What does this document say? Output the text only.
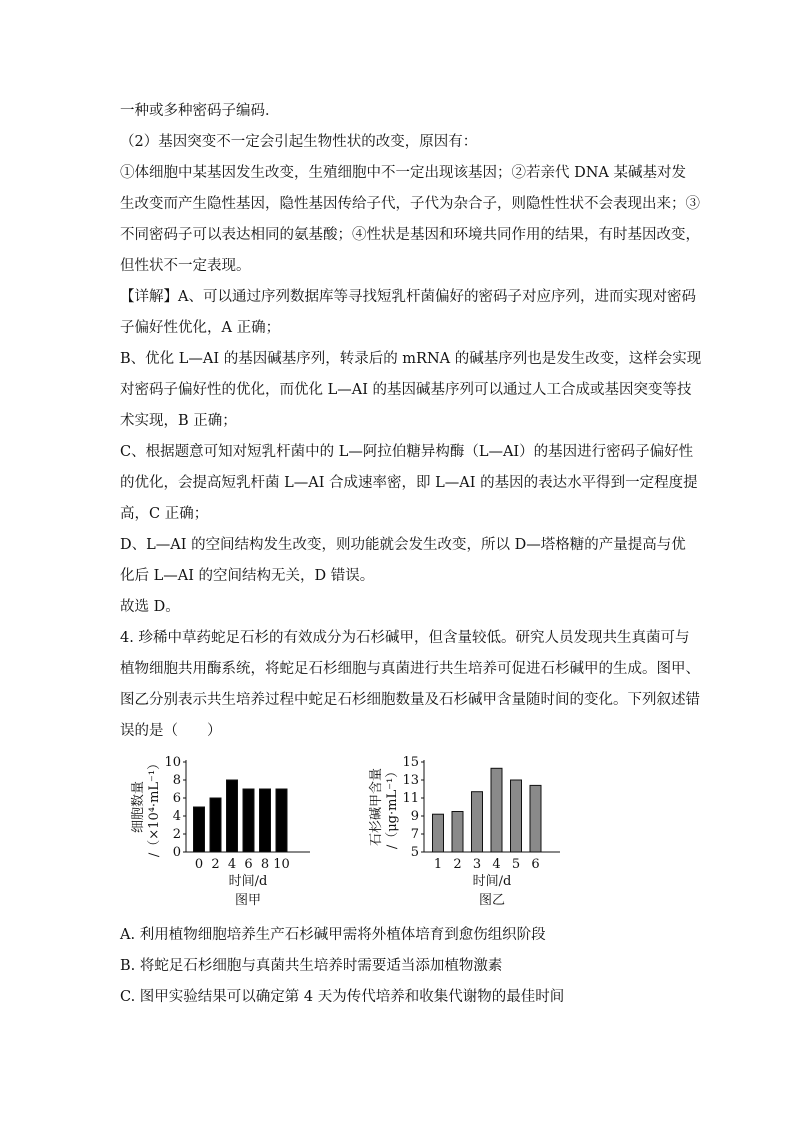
一种或多种密码子编码．
（2）基因突变不一定会引起生物性状的改变，原因有：
①体细胞中某基因发生改变，生殖细胞中不一定出现该基因；②若亲代 DNA 某碱基对发
生改变而产生隐性基因，隐性基因传给子代，子代为杂合子，则隐性性状不会表现出来；③
不同密码子可以表达相同的氨基酸；④性状是基因和环境共同作用的结果，有时基因改变，
但性状不一定表现。
【详解】A、可以通过序列数据库等寻找短乳杆菌偏好的密码子对应序列，进而实现对密码
子偏好性优化，A 正确；
B、优化 L—AI 的基因碱基序列，转录后的 mRNA 的碱基序列也是发生改变，这样会实现
对密码子偏好性的优化，而优化 L—AI 的基因碱基序列可以通过人工合成或基因突变等技
术实现，B 正确；
C、根据题意可知对短乳杆菌中的 L—阿拉伯糖异构酶（L—AI）的基因进行密码子偏好性
的优化，会提高短乳杆菌 L—AI 合成速率密，即 L—AI 的基因的表达水平得到一定程度提
高，C 正确；
D、L—AI 的空间结构发生改变，则功能就会发生改变，所以 D—塔格糖的产量提高与优
化后 L—AI 的空间结构无关，D 错误。
故选 D。
4. 珍稀中草药蛇足石杉的有效成分为石杉碱甲，但含量较低。研究人员发现共生真菌可与
植物细胞共用酶系统，将蛇足石杉细胞与真菌进行共生培养可促进石杉碱甲的生成。图甲、
图乙分别表示共生培养过程中蛇足石杉细胞数量及石杉碱甲含量随时间的变化。下列叙述错
误的是（　　）
0
2
4
6
8
10
0 2 4 6 8 10
时间/d
图甲
细胞数量 /（×10⁴·mL⁻¹）	5
7
9
11
13
15
1 2 3 4 5 6
时间/d
图乙
石杉碱甲含量 /（μg·mL⁻¹）
A. 利用植物细胞培养生产石杉碱甲需将外植体培育到愈伤组织阶段
B. 将蛇足石杉细胞与真菌共生培养时需要适当添加植物激素
C. 图甲实验结果可以确定第 4 天为传代培养和收集代谢物的最佳时间
